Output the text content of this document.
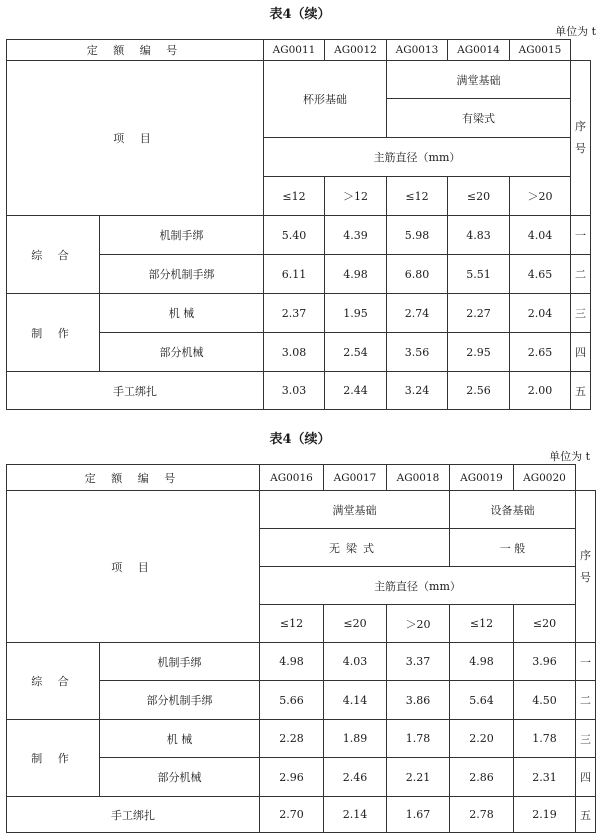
表4（续）
单位为 t
定 额 编 号		AG0011	AG0012	AG0013	AG0014	AG0015	
项 目		杯形基础		满堂基础			序号
				有梁式			
		主筋直径（mm）					
		≤12	＞12	≤12	≤20	＞20	
综 合	机制手绑	5.40	4.39	5.98	4.83	4.04	一
	部分机制手绑	6.11	4.98	6.80	5.51	4.65	二
制 作	机 械	2.37	1.95	2.74	2.27	2.04	三
	部分机械	3.08	2.54	3.56	2.95	2.65	四
手工绑扎		3.03	2.44	3.24	2.56	2.00	五
表4（续）
单位为 t
定 额 编 号		AG0016	AG0017	AG0018	AG0019	AG0020	
项 目		满堂基础			设备基础		序号
		无梁式			一 般		
		主筋直径（mm）					
		≤12	≤20	＞20	≤12	≤20	
综 合	机制手绑	4.98	4.03	3.37	4.98	3.96	一
	部分机制手绑	5.66	4.14	3.86	5.64	4.50	二
制 作	机 械	2.28	1.89	1.78	2.20	1.78	三
	部分机械	2.96	2.46	2.21	2.86	2.31	四
手工绑扎		2.70	2.14	1.67	2.78	2.19	五
